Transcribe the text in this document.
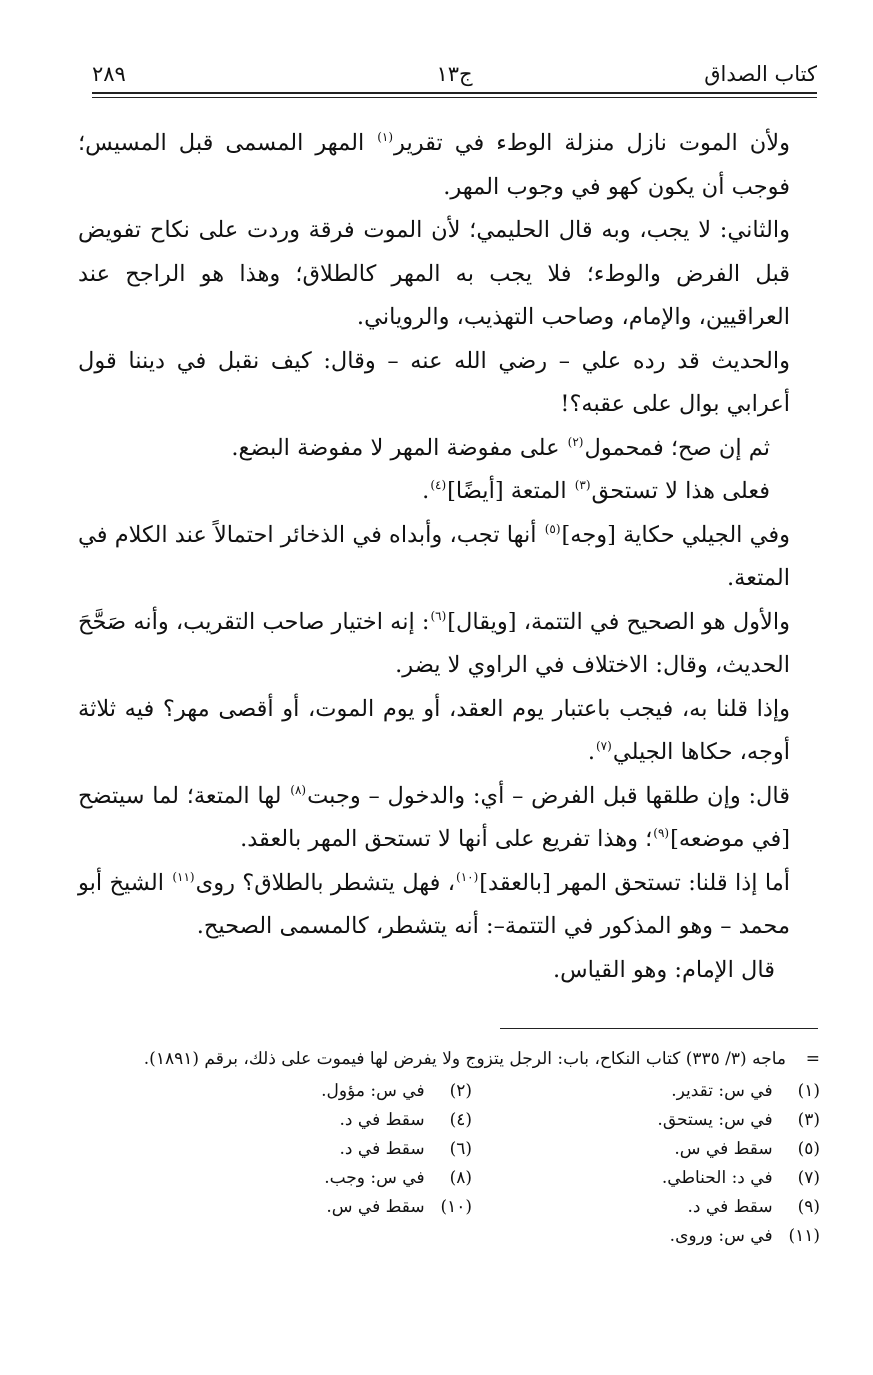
كتاب الصداق
ج١٣
٢٨٩

ولأن الموت نازل منزلة الوطء في تقرير$^{(١)}$ المهر المسمى قبل المسيس؛ فوجب أن يكون كهو في وجوب المهر.

والثاني: لا يجب، وبه قال الحليمي؛ لأن الموت فرقة وردت على نكاح تفويض قبل الفرض والوطء؛ فلا يجب به المهر كالطلاق؛ وهذا هو الراجح عند العراقيين، والإمام، وصاحب التهذيب، والروياني.

والحديث قد رده علي – رضي الله عنه – وقال: كيف نقبل في ديننا قول أعرابي بوال على عقبه؟!

ثم إن صح؛ فمحمول$^{(٢)}$ على مفوضة المهر لا مفوضة البضع.

فعلى هذا لا تستحق$^{(٣)}$ المتعة [أيضًا]$^{(٤)}$.

وفي الجيلي حكاية [وجه]$^{(٥)}$ أنها تجب، وأبداه في الذخائر احتمالاً عند الكلام في المتعة.

والأول هو الصحيح في التتمة، [ويقال]$^{(٦)}$: إنه اختيار صاحب التقريب، وأنه صَحَّحَ الحديث، وقال: الاختلاف في الراوي لا يضر.

وإذا قلنا به، فيجب باعتبار يوم العقد، أو يوم الموت، أو أقصى مهر؟ فيه ثلاثة أوجه، حكاها الجيلي$^{(٧)}$.

قال: وإن طلقها قبل الفرض – أي: والدخول – وجبت$^{(٨)}$ لها المتعة؛ لما سيتضح [في موضعه]$^{(٩)}$؛ وهذا تفريع على أنها لا تستحق المهر بالعقد.

أما إذا قلنا: تستحق المهر [بالعقد]$^{(١٠)}$، فهل يتشطر بالطلاق؟ روى$^{(١١)}$ الشيخ أبو محمد – وهو المذكور في التتمة–: أنه يتشطر، كالمسمى الصحيح.

قال الإمام: وهو القياس.

=
ماجه (٣/ ٣٣٥) كتاب النكاح، باب: الرجل يتزوج ولا يفرض لها فيموت على ذلك، برقم (١٨٩١).
(١) في س: تقدير.
(٣) في س: يستحق.
(٥) سقط في س.
(٧) في د: الحناطي.
(٩) سقط في د.
(١١) في س: وروى.
(٢) في س: مؤول.
(٤) سقط في د.
(٦) سقط في د.
(٨) في س: وجب.
(١٠) سقط في س.
